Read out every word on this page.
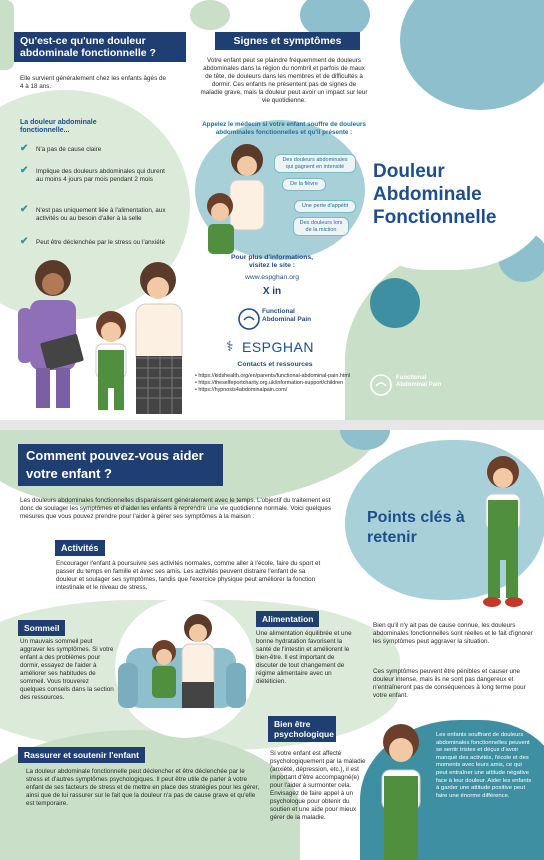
Qu'est-ce qu'une douleur abdominale fonctionnelle ?
Elle survient généralement chez les enfants âgés de 4 à 18 ans.
La douleur abdominale fonctionnelle...
✔ N'a pas de cause claire
✔ Implique des douleurs abdominales qui durent au moins 4 jours par mois pendant 2 mois
✔ N'est pas uniquement liée à l'alimentation, aux activités ou au besoin d'aller à la selle
✔ Peut être déclenchée par le stress ou l'anxiété
Signes et symptômes
Votre enfant peut se plaindre fréquemment de douleurs abdominales dans la région du nombril et parfois de maux de tête, de douleurs dans les membres et de difficultés à dormir. Ces enfants ne présentent pas de signes de maladie grave, mais la douleur peut avoir un impact sur leur vie quotidienne.
Appelez le médecin si votre enfant souffre de douleurs abdominales fonctionnelles et qu'il présente :
Des douleurs abdominales qui gagnent en intensité
De la fièvre
Une perte d'appétit
Des douleurs lors de la miction
Pour plus d'informations, visitez le site :
www.espghan.org
X in
Functional Abdominal Pain
⚕ ESPGHAN
Contacts et ressources
• https://kidshealth.org/en/parents/functional-abdominal-pain.html
• https://theselfeportcharity.org.uk/information-support/children
• https://hypnosis4abdominalpain.com/
Douleur Abdominale Fonctionnelle
Functional Abdominal Pain
Comment pouvez-vous aider votre enfant ?
Les douleurs abdominales fonctionnelles disparaissent généralement avec le temps. L'objectif du traitement est donc de soulager les symptômes et d'aider les enfants à reprendre une vie quotidienne normale. Voici quelques mesures que vous pouvez prendre pour l'aider à gérer ses symptômes à la maison :
Activités
Encourager l'enfant à poursuivre ses activités normales, comme aller à l'école, faire du sport et passer du temps en famille et avec ses amis. Les activités peuvent distraire l'enfant de sa douleur et soulager ses symptômes, tandis que l'exercice physique peut améliorer la fonction intestinale et le niveau de stress.
Sommeil
Un mauvais sommeil peut aggraver les symptômes. Si votre enfant a des problèmes pour dormir, essayez de l'aider à améliorer ses habitudes de sommeil. Vous trouverez quelques conseils dans la section des ressources.
Alimentation
Une alimentation équilibrée et une bonne hydratation favorisent la santé de l'intestin et améliorent le bien-être. Il est important de discuter de tout changement de régime alimentaire avec un diététicien.
Bien être psychologique
Si votre enfant est affecté psychologiquement par la maladie (anxiété, dépression, etc.), il est important d'être accompagné(e) pour l'aider à surmonter cela. Envisagez de faire appel à un psychologue pour obtenir du soutien et une aide pour mieux gérer de la maladie.
Rassurer et soutenir l'enfant
La douleur abdominale fonctionnelle peut déclencher et être déclenchée par le stress et d'autres symptômes psychologiques. Il peut être utile de parler à votre enfant de ses facteurs de stress et de mettre en place des stratégies pour les gérer, ainsi que de lui rassurer sur le fait que la douleur n'a pas de cause grave et qu'elle est temporaire.
Points clés à retenir
Bien qu'il n'y ait pas de cause connue, les douleurs abdominales fonctionnelles sont réelles et le fait d'ignorer les symptômes peut aggraver la situation.
Ces symptômes peuvent être pénibles et causer une douleur intense, mais ils ne sont pas dangereux et n'entraîneront pas de conséquences à long terme pour votre enfant.
Les enfants souffrant de douleurs abdominales fonctionnelles peuvent se sentir tristes et déçus d'avoir manqué des activités, l'école et des moments avec leurs amis, ce qui peut entraîner une attitude négative face à leur douleur. Aider les enfants à garder une attitude positive peut faire une énorme différence.
